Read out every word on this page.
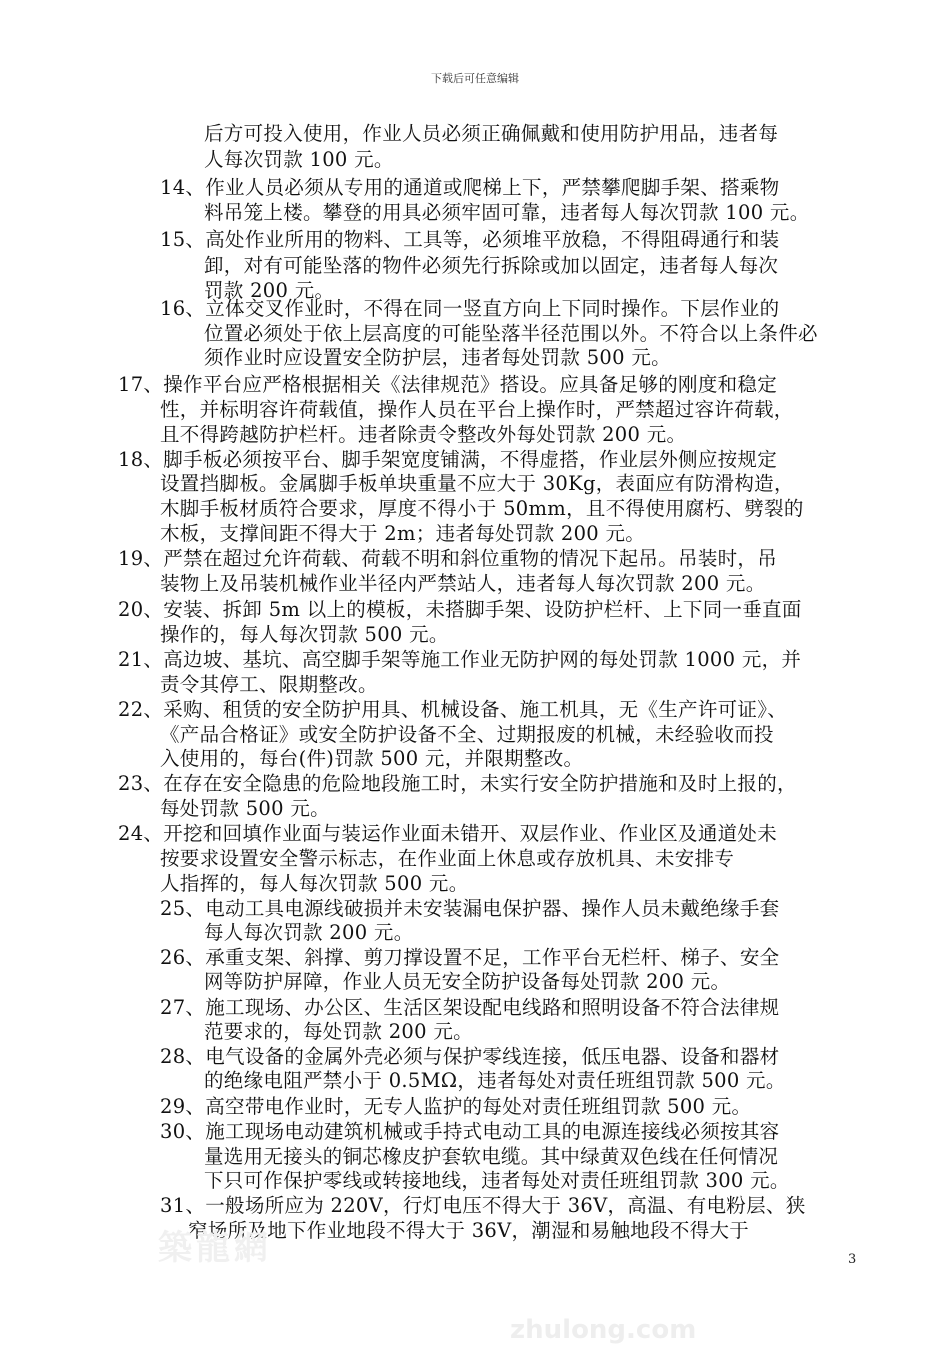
下载后可任意编辑
后方可投入使用，作业人员必须正确佩戴和使用防护用品，违者每
人每次罚款 100 元。
14、作业人员必须从专用的通道或爬梯上下，严禁攀爬脚手架、搭乘物
料吊笼上楼。攀登的用具必须牢固可靠，违者每人每次罚款 100 元。
15、高处作业所用的物料、工具等，必须堆平放稳，不得阻碍通行和装
卸，对有可能坠落的物件必须先行拆除或加以固定，违者每人每次
罚款 200 元。
16、立体交叉作业时，不得在同一竖直方向上下同时操作。下层作业的
位置必须处于依上层高度的可能坠落半径范围以外。不符合以上条件必
须作业时应设置安全防护层，违者每处罚款 500 元。
17、操作平台应严格根据相关《法律规范》搭设。应具备足够的刚度和稳定
性，并标明容许荷载值，操作人员在平台上操作时，严禁超过容许荷载，
且不得跨越防护栏杆。违者除责令整改外每处罚款 200 元。
18、脚手板必须按平台、脚手架宽度铺满，不得虚搭，作业层外侧应按规定
设置挡脚板。金属脚手板单块重量不应大于 30Kg，表面应有防滑构造，
木脚手板材质符合要求，厚度不得小于 50mm，且不得使用腐朽、劈裂的
木板，支撑间距不得大于 2m；违者每处罚款 200 元。
19、严禁在超过允许荷载、荷载不明和斜位重物的情况下起吊。吊装时，吊
装物上及吊装机械作业半径内严禁站人，违者每人每次罚款 200 元。
20、安装、拆卸 5m 以上的模板，未搭脚手架、设防护栏杆、上下同一垂直面
操作的，每人每次罚款 500 元。
21、高边坡、基坑、高空脚手架等施工作业无防护网的每处罚款 1000 元，并
责令其停工、限期整改。
22、采购、租赁的安全防护用具、机械设备、施工机具，无《生产许可证》、
《产品合格证》或安全防护设备不全、过期报废的机械，未经验收而投
入使用的，每台(件)罚款 500 元，并限期整改。
23、在存在安全隐患的危险地段施工时，未实行安全防护措施和及时上报的，
每处罚款 500 元。
24、开挖和回填作业面与装运作业面未错开、双层作业、作业区及通道处未
按要求设置安全警示标志，在作业面上休息或存放机具、未安排专
人指挥的，每人每次罚款 500 元。
25、电动工具电源线破损并未安装漏电保护器、操作人员未戴绝缘手套
每人每次罚款 200 元。
26、承重支架、斜撑、剪刀撑设置不足，工作平台无栏杆、梯子、安全
网等防护屏障，作业人员无安全防护设备每处罚款 200 元。
27、施工现场、办公区、生活区架设配电线路和照明设备不符合法律规
范要求的，每处罚款 200 元。
28、电气设备的金属外壳必须与保护零线连接，低压电器、设备和器材
的绝缘电阻严禁小于 0.5MΩ，违者每处对责任班组罚款 500 元。
29、高空带电作业时，无专人监护的每处对责任班组罚款 500 元。
30、施工现场电动建筑机械或手持式电动工具的电源连接线必须按其容
量选用无接头的铜芯橡皮护套软电缆。其中绿黄双色线在任何情况
下只可作保护零线或转接地线，违者每处对责任班组罚款 300 元。
31、一般场所应为 220V，行灯电压不得大于 36V，高温、有电粉层、狭
窄场所及地下作业地段不得大于 36V，潮湿和易触地段不得大于
築龍網
zhulong.com
3
